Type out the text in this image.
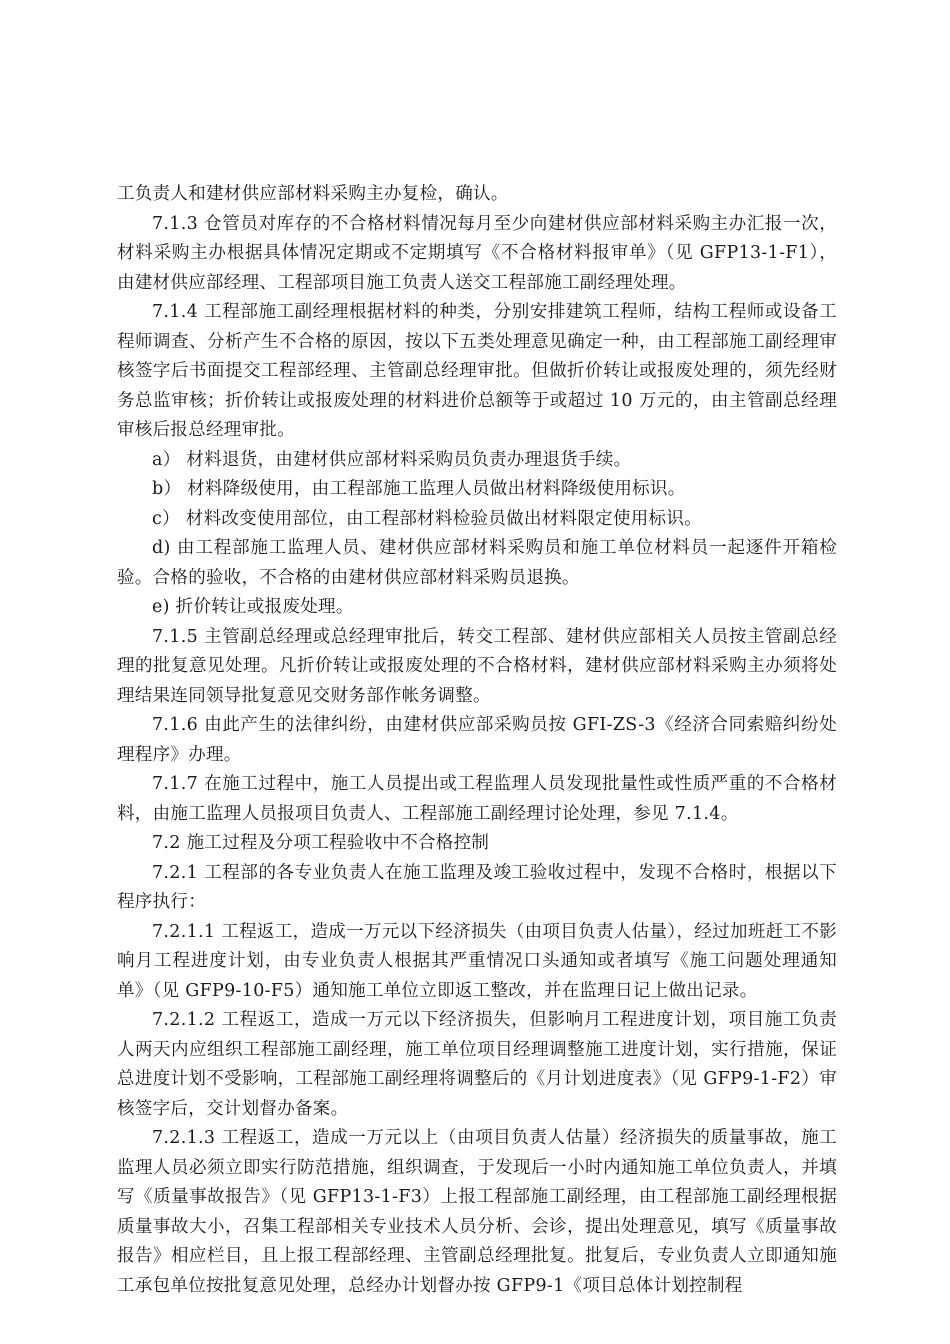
工负责人和建材供应部材料采购主办复检，确认。

7.1.3 仓管员对库存的不合格材料情况每月至少向建材供应部材料采购主办汇报一次，材料采购主办根据具体情况定期或不定期填写《不合格材料报审单》（见 GFP13-1-F1），由建材供应部经理、工程部项目施工负责人送交工程部施工副经理处理。

7.1.4 工程部施工副经理根据材料的种类，分别安排建筑工程师，结构工程师或设备工程师调查、分析产生不合格的原因，按以下五类处理意见确定一种，由工程部施工副经理审核签字后书面提交工程部经理、主管副总经理审批。但做折价转让或报废处理的，须先经财务总监审核；折价转让或报废处理的材料进价总额等于或超过 10 万元的，由主管副总经理审核后报总经理审批。

a） 材料退货，由建材供应部材料采购员负责办理退货手续。

b） 材料降级使用，由工程部施工监理人员做出材料降级使用标识。

c） 材料改变使用部位，由工程部材料检验员做出材料限定使用标识。

d) 由工程部施工监理人员、建材供应部材料采购员和施工单位材料员一起逐件开箱检验。合格的验收，不合格的由建材供应部材料采购员退换。

e) 折价转让或报废处理。

7.1.5 主管副总经理或总经理审批后，转交工程部、建材供应部相关人员按主管副总经理的批复意见处理。凡折价转让或报废处理的不合格材料，建材供应部材料采购主办须将处理结果连同领导批复意见交财务部作帐务调整。

7.1.6 由此产生的法律纠纷，由建材供应部采购员按 GFI-ZS-3《经济合同索赔纠纷处理程序》办理。

7.1.7 在施工过程中，施工人员提出或工程监理人员发现批量性或性质严重的不合格材料，由施工监理人员报项目负责人、工程部施工副经理讨论处理，参见 7.1.4。

7.2 施工过程及分项工程验收中不合格控制

7.2.1 工程部的各专业负责人在施工监理及竣工验收过程中，发现不合格时，根据以下程序执行：

7.2.1.1 工程返工，造成一万元以下经济损失（由项目负责人估量），经过加班赶工不影响月工程进度计划，由专业负责人根据其严重情况口头通知或者填写《施工问题处理通知单》（见 GFP9-10-F5）通知施工单位立即返工整改，并在监理日记上做出记录。

7.2.1.2 工程返工，造成一万元以下经济损失，但影响月工程进度计划，项目施工负责人两天内应组织工程部施工副经理，施工单位项目经理调整施工进度计划，实行措施，保证总进度计划不受影响，工程部施工副经理将调整后的《月计划进度表》（见 GFP9-1-F2）审核签字后，交计划督办备案。

7.2.1.3 工程返工，造成一万元以上（由项目负责人估量）经济损失的质量事故，施工监理人员必须立即实行防范措施，组织调查，于发现后一小时内通知施工单位负责人，并填写《质量事故报告》（见 GFP13-1-F3）上报工程部施工副经理，由工程部施工副经理根据质量事故大小，召集工程部相关专业技术人员分析、会诊，提出处理意见，填写《质量事故报告》相应栏目，且上报工程部经理、主管副总经理批复。批复后，专业负责人立即通知施工承包单位按批复意见处理，总经办计划督办按 GFP9-1《项目总体计划控制程
